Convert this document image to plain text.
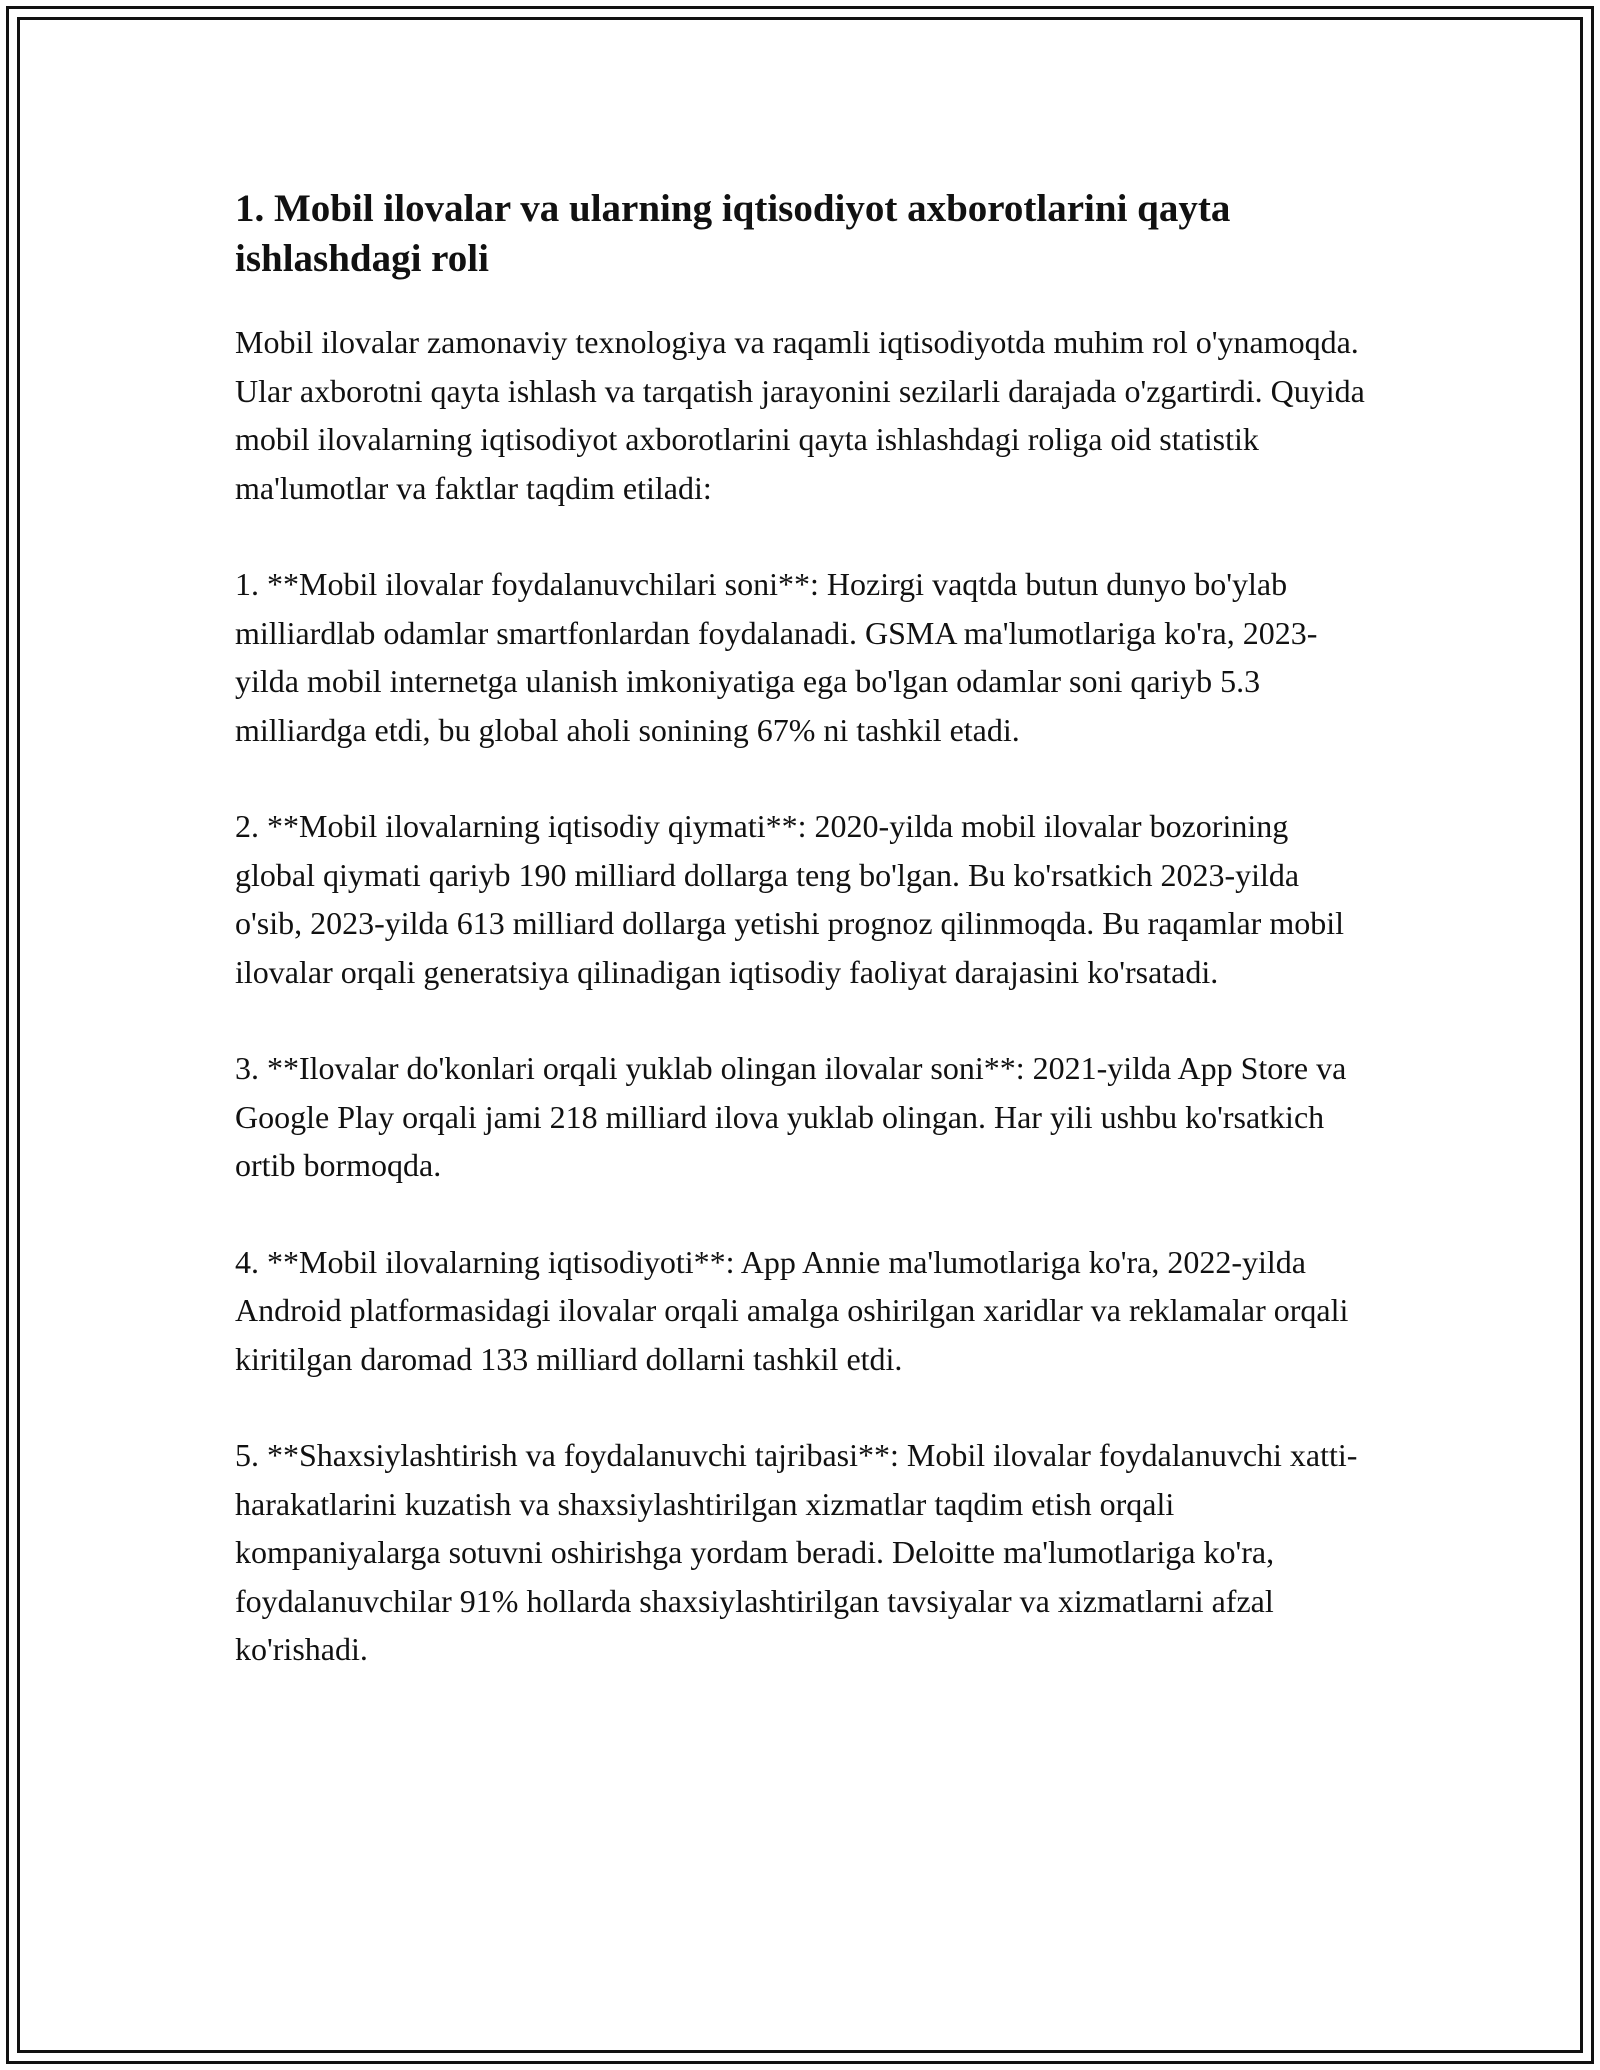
1. Mobil ilovalar va ularning iqtisodiyot axborotlarini qayta ishlashdagi roli

Mobil ilovalar zamonaviy texnologiya va raqamli iqtisodiyotda muhim rol o'ynamoqda. Ular axborotni qayta ishlash va tarqatish jarayonini sezilarli darajada o'zgartirdi. Quyida mobil ilovalarning iqtisodiyot axborotlarini qayta ishlashdagi roliga oid statistik ma'lumotlar va faktlar taqdim etiladi:

1. **Mobil ilovalar foydalanuvchilari soni**: Hozirgi vaqtda butun dunyo bo'ylab milliardlab odamlar smartfonlardan foydalanadi. GSMA ma'lumotlariga ko'ra, 2023-yilda mobil internetga ulanish imkoniyatiga ega bo'lgan odamlar soni qariyb 5.3 milliardga etdi, bu global aholi sonining 67% ni tashkil etadi.

2. **Mobil ilovalarning iqtisodiy qiymati**: 2020-yilda mobil ilovalar bozorining global qiymati qariyb 190 milliard dollarga teng bo'lgan. Bu ko'rsatkich 2023-yilda o'sib, 2023-yilda 613 milliard dollarga yetishi prognoz qilinmoqda. Bu raqamlar mobil ilovalar orqali generatsiya qilinadigan iqtisodiy faoliyat darajasini ko'rsatadi.

3. **Ilovalar do'konlari orqali yuklab olingan ilovalar soni**: 2021-yilda App Store va Google Play orqali jami 218 milliard ilova yuklab olingan. Har yili ushbu ko'rsatkich ortib bormoqda.

4. **Mobil ilovalarning iqtisodiyoti**: App Annie ma'lumotlariga ko'ra, 2022-yilda Android platformasidagi ilovalar orqali amalga oshirilgan xaridlar va reklamalar orqali kiritilgan daromad 133 milliard dollarni tashkil etdi.

5. **Shaxsiylashtirish va foydalanuvchi tajribasi**: Mobil ilovalar foydalanuvchi xatti-harakatlarini kuzatish va shaxsiylashtirilgan xizmatlar taqdim etish orqali kompaniyalarga sotuvni oshirishga yordam beradi. Deloitte ma'lumotlariga ko'ra, foydalanuvchilar 91% hollarda shaxsiylashtirilgan tavsiyalar va xizmatlarni afzal ko'rishadi.
